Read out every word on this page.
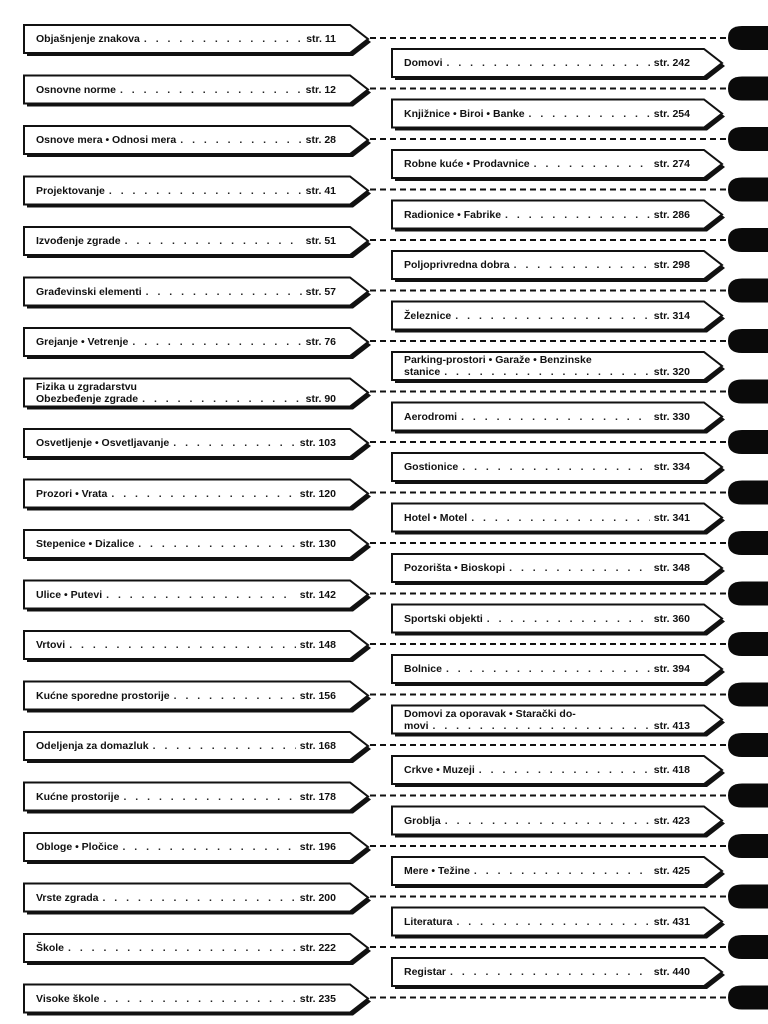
Objašnjenje znakova . . .	str. 11
Osnovne norme . . .	str. 12
Osnove mera • Odnosi mera . . .	str. 28
Projektovanje . . .	str. 41
Izvođenje zgrade . . .	str. 51
Građevinski elementi . . .	str. 57
Grejanje • Vetrenje . . .	str. 76
Fizika u zgradarstvu
Obezbeđenje zgrade . . .	str. 90
Osvetljenje • Osvetljavanje . . .	str. 103
Prozori • Vrata . . .	str. 120
Stepenice • Dizalice . . .	str. 130
Ulice • Putevi . . .	str. 142
Vrtovi . . .	str. 148
Kućne sporedne prostorije . . .	str. 156
Odeljenja za domazluk . . .	str. 168
Kućne prostorije . . .	str. 178
Obloge • Pločice . . .	str. 196
Vrste zgrada . . .	str. 200
Škole . . .	str. 222
Visoke škole . . .	str. 235
Domovi . . .	str. 242
Knjižnice • Biroi • Banke . . .	str. 254
Robne kuće • Prodavnice . . .	str. 274
Radionice • Fabrike . . .	str. 286
Poljoprivredna dobra . . .	str. 298
Železnice . . .	str. 314
Parking-prostori • Garaže • Benzinske
stanice . . .	str. 320
Aerodromi . . .	str. 330
Gostionice . . .	str. 334
Hotel • Motel . . .	str. 341
Pozorišta • Bioskopi . . .	str. 348
Sportski objekti . . .	str. 360
Bolnice . . .	str. 394
Domovi za oporavak • Starački do-
movi . . .	str. 413
Crkve • Muzeji . . .	str. 418
Groblja . . .	str. 423
Mere • Težine . . .	str. 425
Literatura . . .	str. 431
Registar . . .	str. 440
